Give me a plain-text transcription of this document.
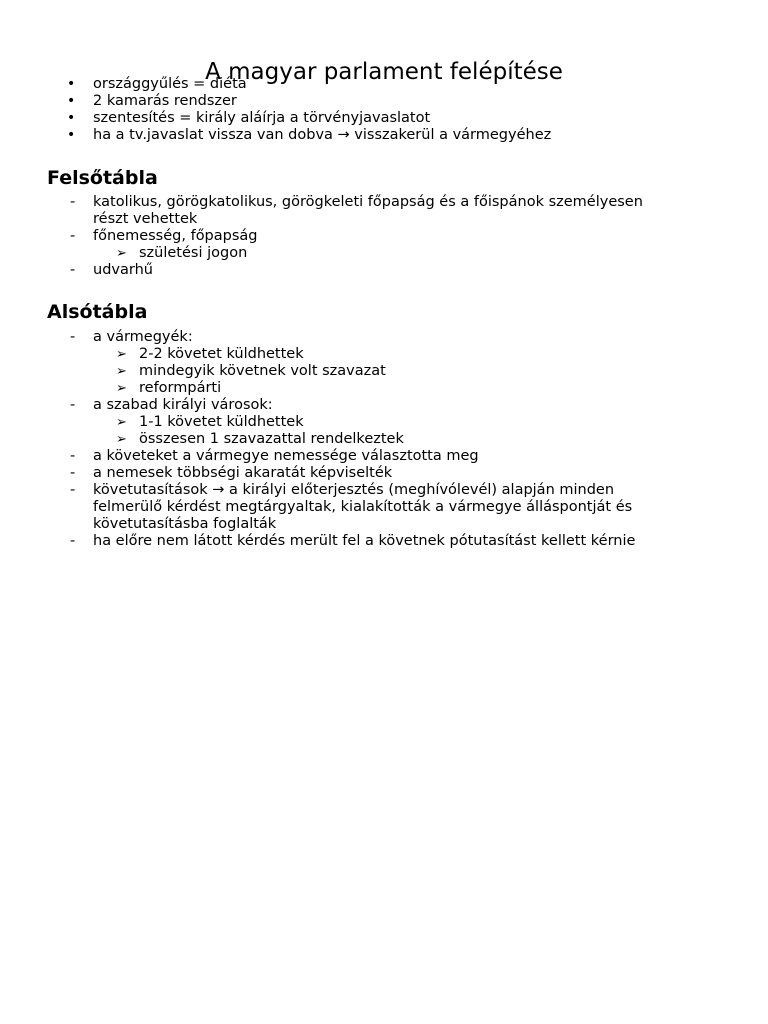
A magyar parlament felépítése
• országgyűlés = diéta
• 2 kamarás rendszer
• szentesítés = király aláírja a törvényjavaslatot
• ha a tv.javaslat vissza van dobva → visszakerül a vármegyéhez
Felsőtábla
- katolikus, görögkatolikus, görögkeleti főpapság és a főispánok személyesen
részt vehettek
- főnemesség, főpapság
➢ születési jogon
- udvarhű
Alsótábla
- a vármegyék:
➢ 2-2 követet küldhettek
➢ mindegyik követnek volt szavazat
➢ reformpárti
- a szabad királyi városok:
➢ 1-1 követet küldhettek
➢ összesen 1 szavazattal rendelkeztek
- a követeket a vármegye nemessége választotta meg
- a nemesek többségi akaratát képviselték
- követutasítások → a királyi előterjesztés (meghívólevél) alapján minden
felmerülő kérdést megtárgyaltak, kialakították a vármegye álláspontját és
követutasításba foglalták
- ha előre nem látott kérdés merült fel a követnek pótutasítást kellett kérnie
